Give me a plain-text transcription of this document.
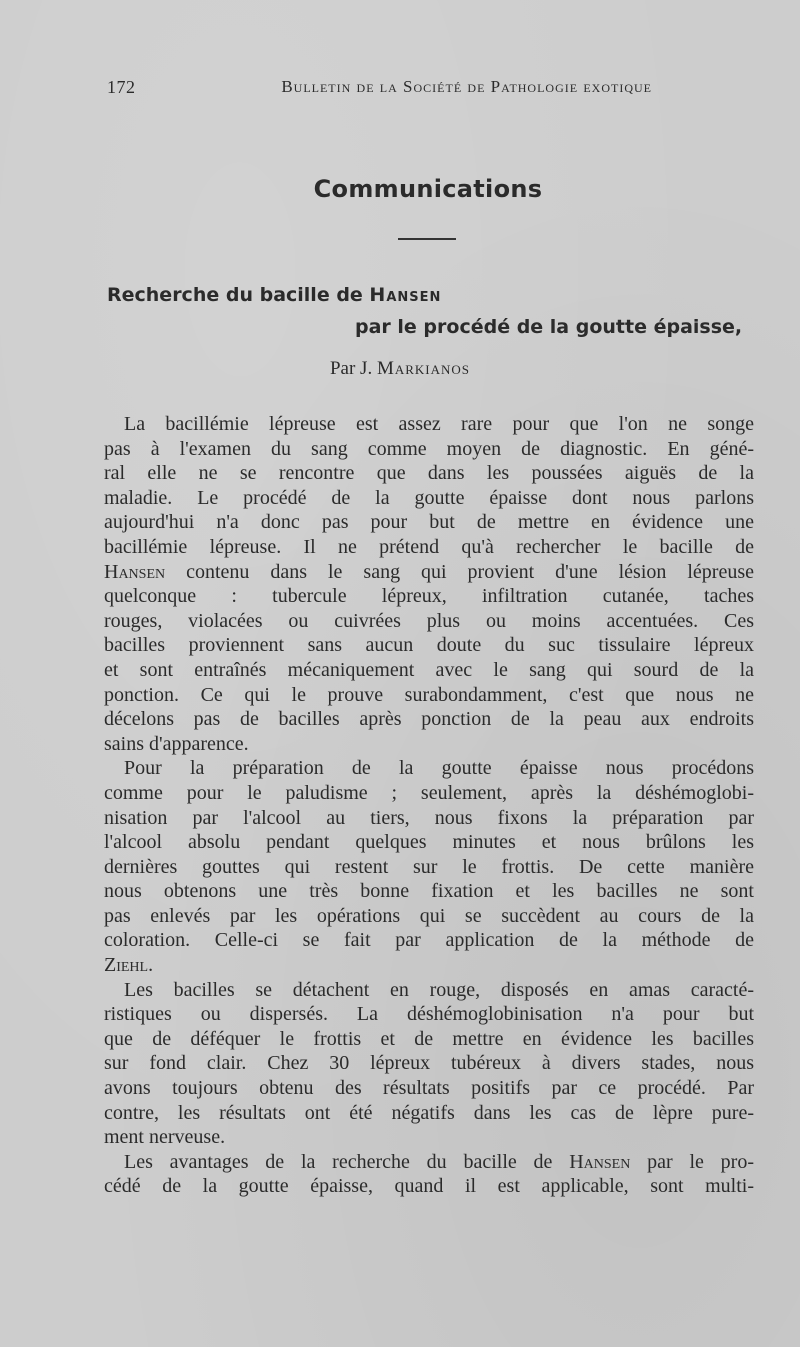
172	Bulletin de la Société de Pathologie exotique
Communications
Recherche du bacille de Hansen
par le procédé de la goutte épaisse,
Par J. Markianos
La bacillémie lépreuse est assez rare pour que l'on ne songe
pas à l'examen du sang comme moyen de diagnostic. En géné-
ral elle ne se rencontre que dans les poussées aiguës de la
maladie. Le procédé de la goutte épaisse dont nous parlons
aujourd'hui n'a donc pas pour but de mettre en évidence une
bacillémie lépreuse. Il ne prétend qu'à rechercher le bacille de
Hansen contenu dans le sang qui provient d'une lésion lépreuse
quelconque : tubercule lépreux, infiltration cutanée, taches
rouges, violacées ou cuivrées plus ou moins accentuées. Ces
bacilles proviennent sans aucun doute du suc tissulaire lépreux
et sont entraînés mécaniquement avec le sang qui sourd de la
ponction. Ce qui le prouve surabondamment, c'est que nous ne
décelons pas de bacilles après ponction de la peau aux endroits
sains d'apparence.
Pour la préparation de la goutte épaisse nous procédons
comme pour le paludisme ; seulement, après la déshémoglobi-
nisation par l'alcool au tiers, nous fixons la préparation par
l'alcool absolu pendant quelques minutes et nous brûlons les
dernières gouttes qui restent sur le frottis. De cette manière
nous obtenons une très bonne fixation et les bacilles ne sont
pas enlevés par les opérations qui se succèdent au cours de la
coloration. Celle-ci se fait par application de la méthode de
Ziehl.
Les bacilles se détachent en rouge, disposés en amas caracté-
ristiques ou dispersés. La déshémoglobinisation n'a pour but
que de déféquer le frottis et de mettre en évidence les bacilles
sur fond clair. Chez 30 lépreux tubéreux à divers stades, nous
avons toujours obtenu des résultats positifs par ce procédé. Par
contre, les résultats ont été négatifs dans les cas de lèpre pure-
ment nerveuse.
Les avantages de la recherche du bacille de Hansen par le pro-
cédé de la goutte épaisse, quand il est applicable, sont multi-
